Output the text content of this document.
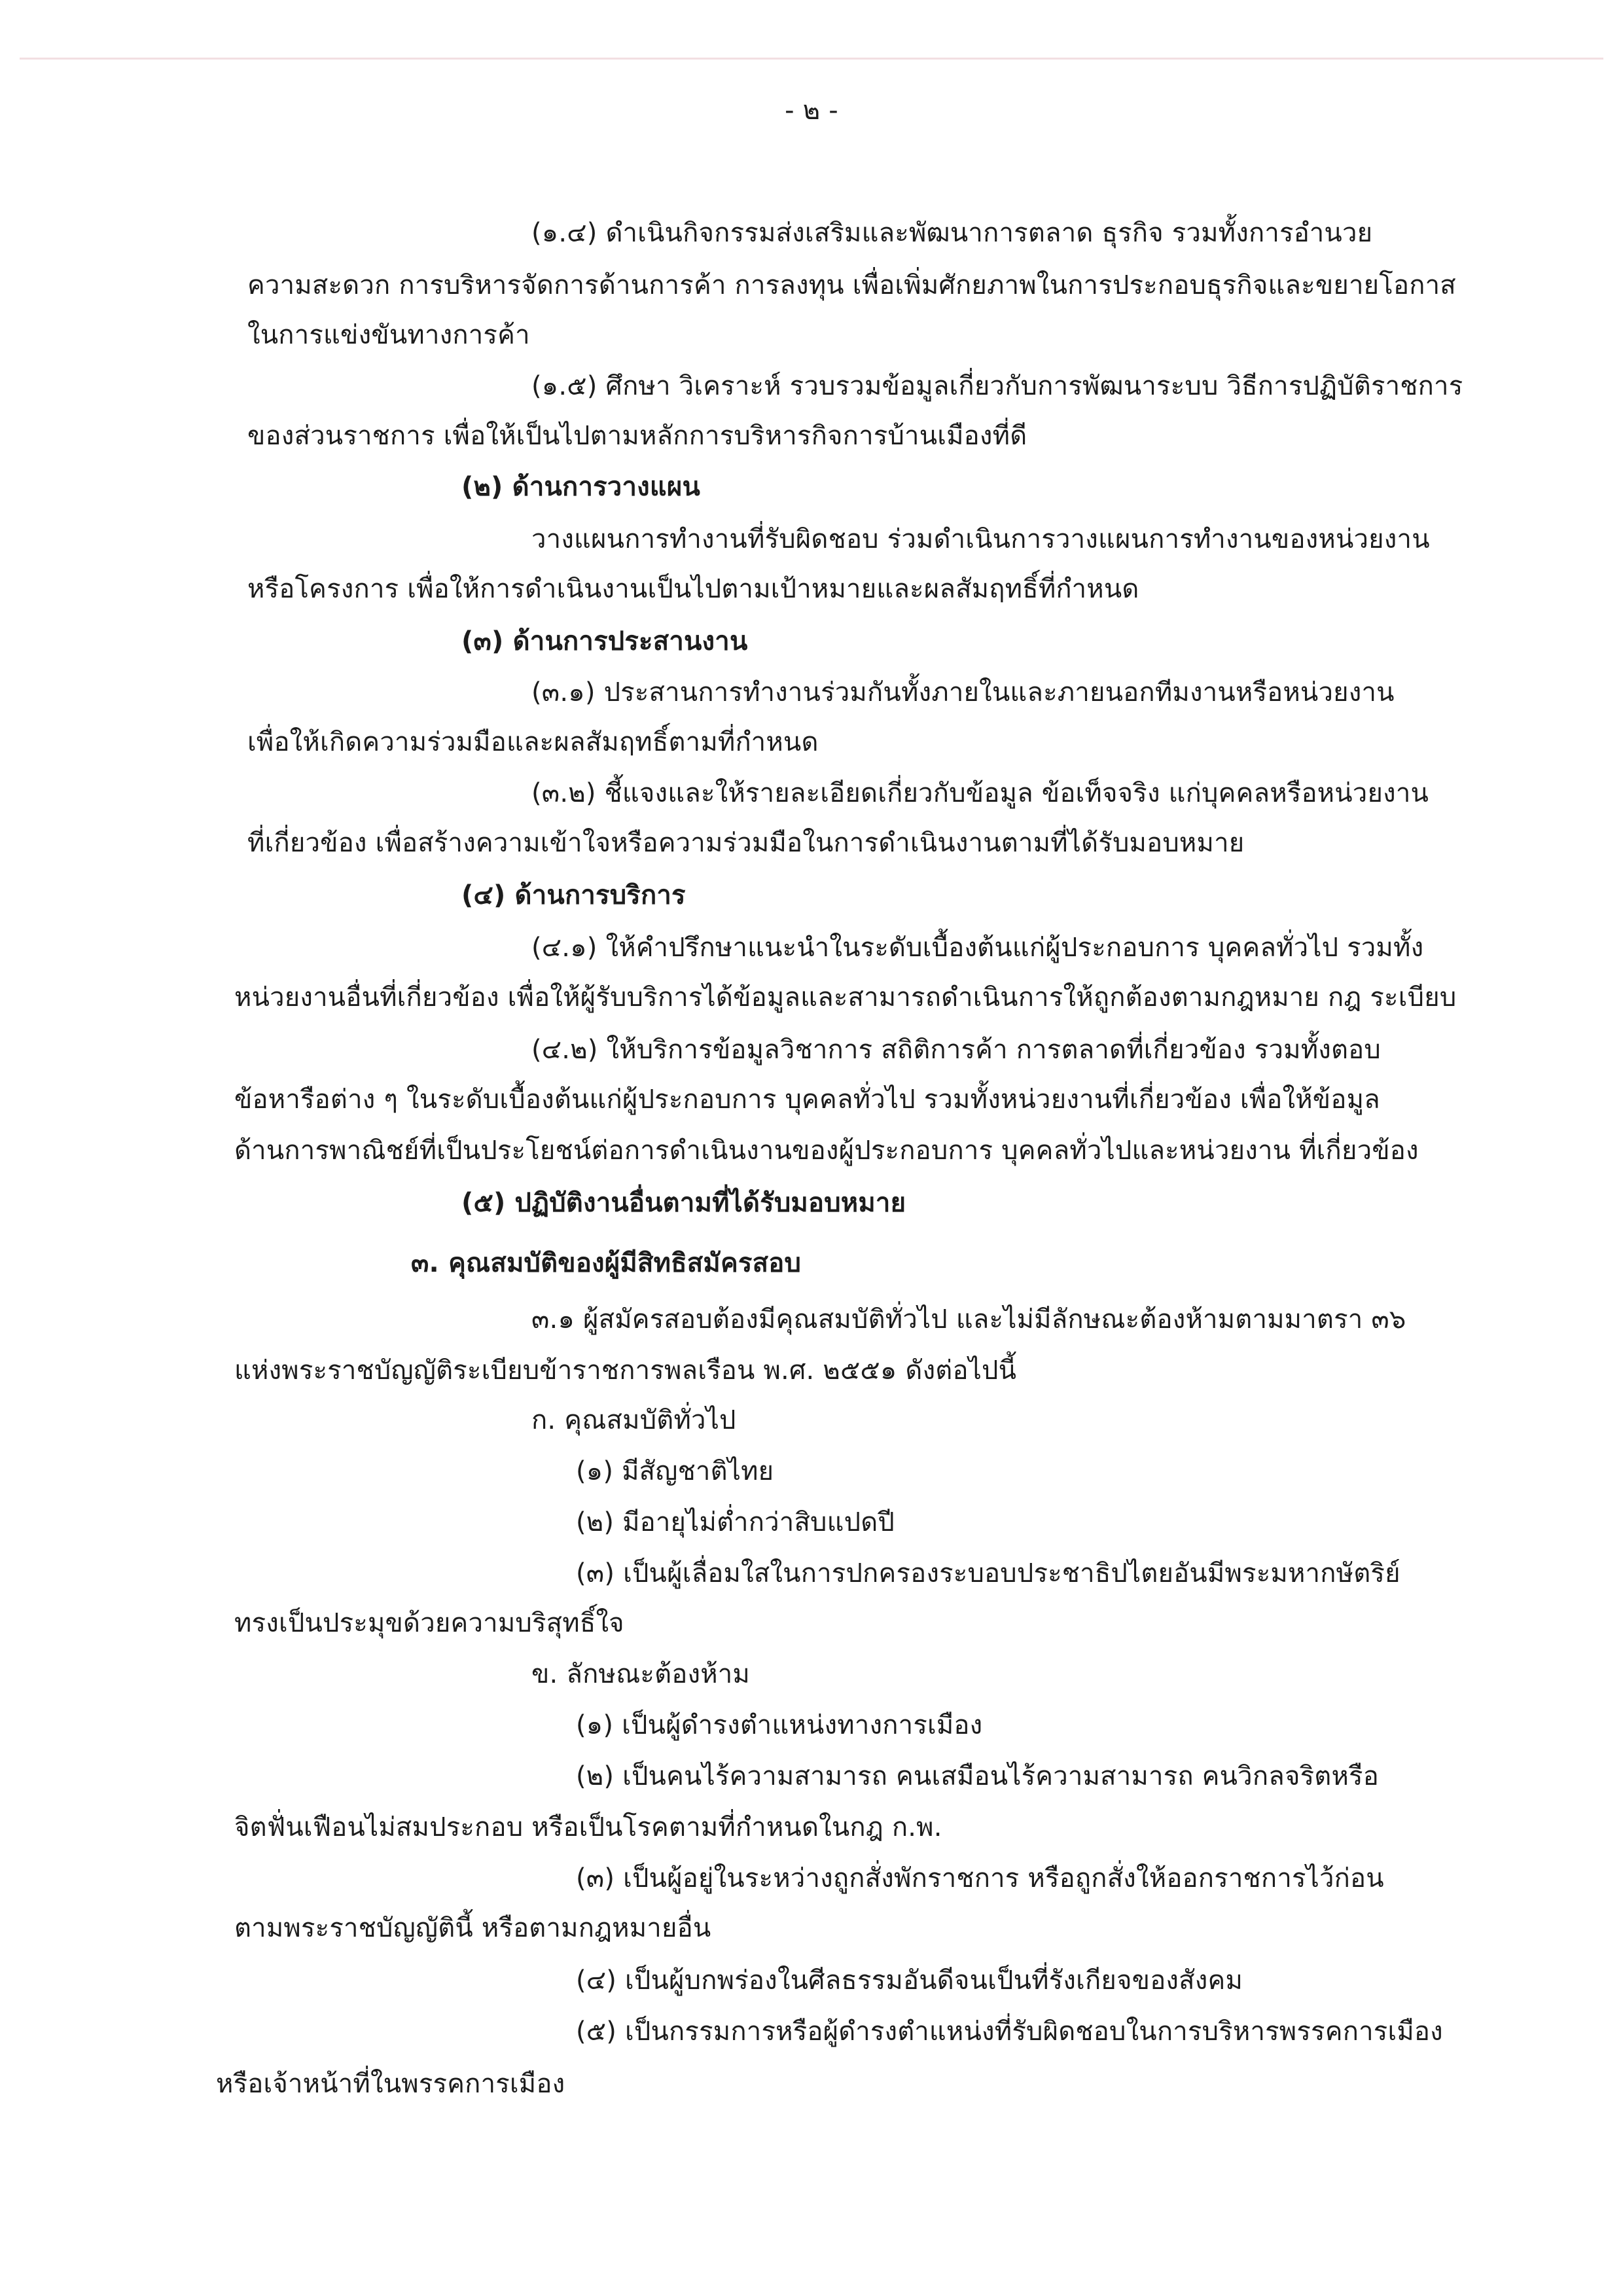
- ๒ -
(๑.๔) ดำเนินกิจกรรมส่งเสริมและพัฒนาการตลาด ธุรกิจ รวมทั้งการอำนวย
ความสะดวก การบริหารจัดการด้านการค้า การลงทุน เพื่อเพิ่มศักยภาพในการประกอบธุรกิจและขยายโอกาส
ในการแข่งขันทางการค้า
(๑.๕) ศึกษา วิเคราะห์ รวบรวมข้อมูลเกี่ยวกับการพัฒนาระบบ วิธีการปฏิบัติราชการ
ของส่วนราชการ เพื่อให้เป็นไปตามหลักการบริหารกิจการบ้านเมืองที่ดี
(๒) ด้านการวางแผน
วางแผนการทำงานที่รับผิดชอบ ร่วมดำเนินการวางแผนการทำงานของหน่วยงาน
หรือโครงการ เพื่อให้การดำเนินงานเป็นไปตามเป้าหมายและผลสัมฤทธิ์ที่กำหนด
(๓) ด้านการประสานงาน
(๓.๑) ประสานการทำงานร่วมกันทั้งภายในและภายนอกทีมงานหรือหน่วยงาน
เพื่อให้เกิดความร่วมมือและผลสัมฤทธิ์ตามที่กำหนด
(๓.๒) ชี้แจงและให้รายละเอียดเกี่ยวกับข้อมูล ข้อเท็จจริง แก่บุคคลหรือหน่วยงาน
ที่เกี่ยวข้อง เพื่อสร้างความเข้าใจหรือความร่วมมือในการดำเนินงานตามที่ได้รับมอบหมาย
(๔) ด้านการบริการ
(๔.๑) ให้คำปรึกษาแนะนำในระดับเบื้องต้นแก่ผู้ประกอบการ บุคคลทั่วไป รวมทั้ง
หน่วยงานอื่นที่เกี่ยวข้อง เพื่อให้ผู้รับบริการได้ข้อมูลและสามารถดำเนินการให้ถูกต้องตามกฎหมาย กฎ ระเบียบ
(๔.๒) ให้บริการข้อมูลวิชาการ สถิติการค้า การตลาดที่เกี่ยวข้อง รวมทั้งตอบ
ข้อหารือต่าง ๆ ในระดับเบื้องต้นแก่ผู้ประกอบการ บุคคลทั่วไป รวมทั้งหน่วยงานที่เกี่ยวข้อง เพื่อให้ข้อมูล
ด้านการพาณิชย์ที่เป็นประโยชน์ต่อการดำเนินงานของผู้ประกอบการ บุคคลทั่วไปและหน่วยงาน ที่เกี่ยวข้อง
(๕) ปฏิบัติงานอื่นตามที่ได้รับมอบหมาย
๓. คุณสมบัติของผู้มีสิทธิสมัครสอบ
๓.๑ ผู้สมัครสอบต้องมีคุณสมบัติทั่วไป และไม่มีลักษณะต้องห้ามตามมาตรา ๓๖
แห่งพระราชบัญญัติระเบียบข้าราชการพลเรือน พ.ศ. ๒๕๕๑ ดังต่อไปนี้
ก. คุณสมบัติทั่วไป
(๑) มีสัญชาติไทย
(๒) มีอายุไม่ต่ำกว่าสิบแปดปี
(๓) เป็นผู้เลื่อมใสในการปกครองระบอบประชาธิปไตยอันมีพระมหากษัตริย์
ทรงเป็นประมุขด้วยความบริสุทธิ์ใจ
ข. ลักษณะต้องห้าม
(๑) เป็นผู้ดำรงตำแหน่งทางการเมือง
(๒) เป็นคนไร้ความสามารถ คนเสมือนไร้ความสามารถ คนวิกลจริตหรือ
จิตฟั่นเฟือนไม่สมประกอบ หรือเป็นโรคตามที่กำหนดในกฎ ก.พ.
(๓) เป็นผู้อยู่ในระหว่างถูกสั่งพักราชการ หรือถูกสั่งให้ออกราชการไว้ก่อน
ตามพระราชบัญญัตินี้ หรือตามกฎหมายอื่น
(๔) เป็นผู้บกพร่องในศีลธรรมอันดีจนเป็นที่รังเกียจของสังคม
(๕) เป็นกรรมการหรือผู้ดำรงตำแหน่งที่รับผิดชอบในการบริหารพรรคการเมือง
หรือเจ้าหน้าที่ในพรรคการเมือง
